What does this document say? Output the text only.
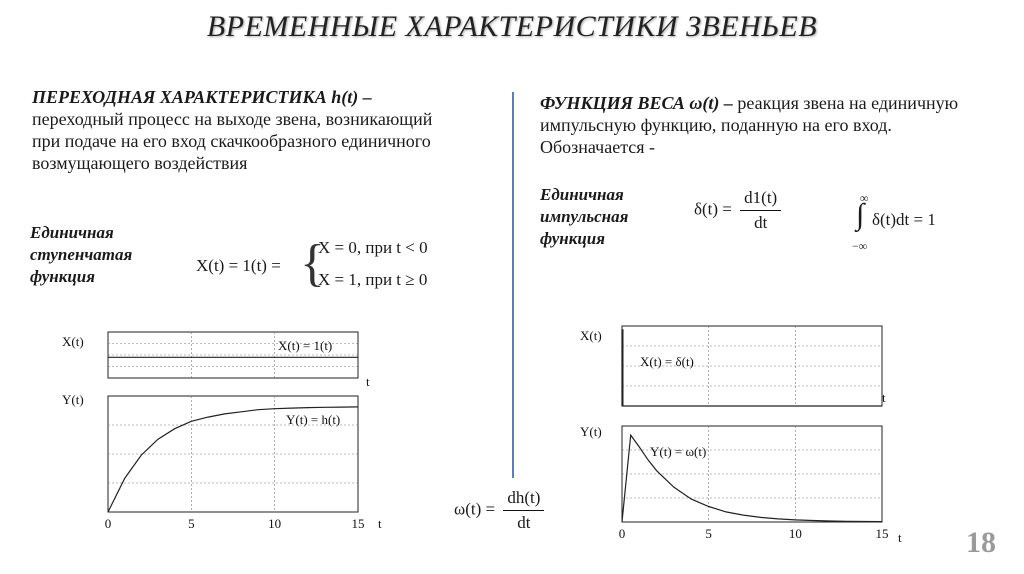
ВРЕМЕННЫЕ ХАРАКТЕРИСТИКИ ЗВЕНЬЕВ
ПЕРЕХОДНАЯ ХАРАКТЕРИСТИКА h(t) – переходный процесс на выходе звена, возникающий при подаче на его вход скачкообразного единичного возмущающего воздействия
Единичная
ступенчатая
функция
X(t) = 1(t) = {
X = 0, при t < 0
X = 1, при t ≥ 0
ФУНКЦИЯ ВЕСА ω(t) – реакция звена на единичную импульсную функцию, поданную на его вход. Обозначается -
Единичная
импульсная
функция
$\delta(t) = \frac{d1(t)}{dt}$	∞
∫
−∞
δ(t)dt = 1
$\omega(t) = \frac{dh(t)}{dt}$
18
X(t)	X(t) = 1(t)
t
Y(t)
Y(t) = h(t)
t
0	5	10	15
X(t)
X(t) = δ(t)
t
Y(t)
Y(t) = ω(t)
t
0	5	10	15
